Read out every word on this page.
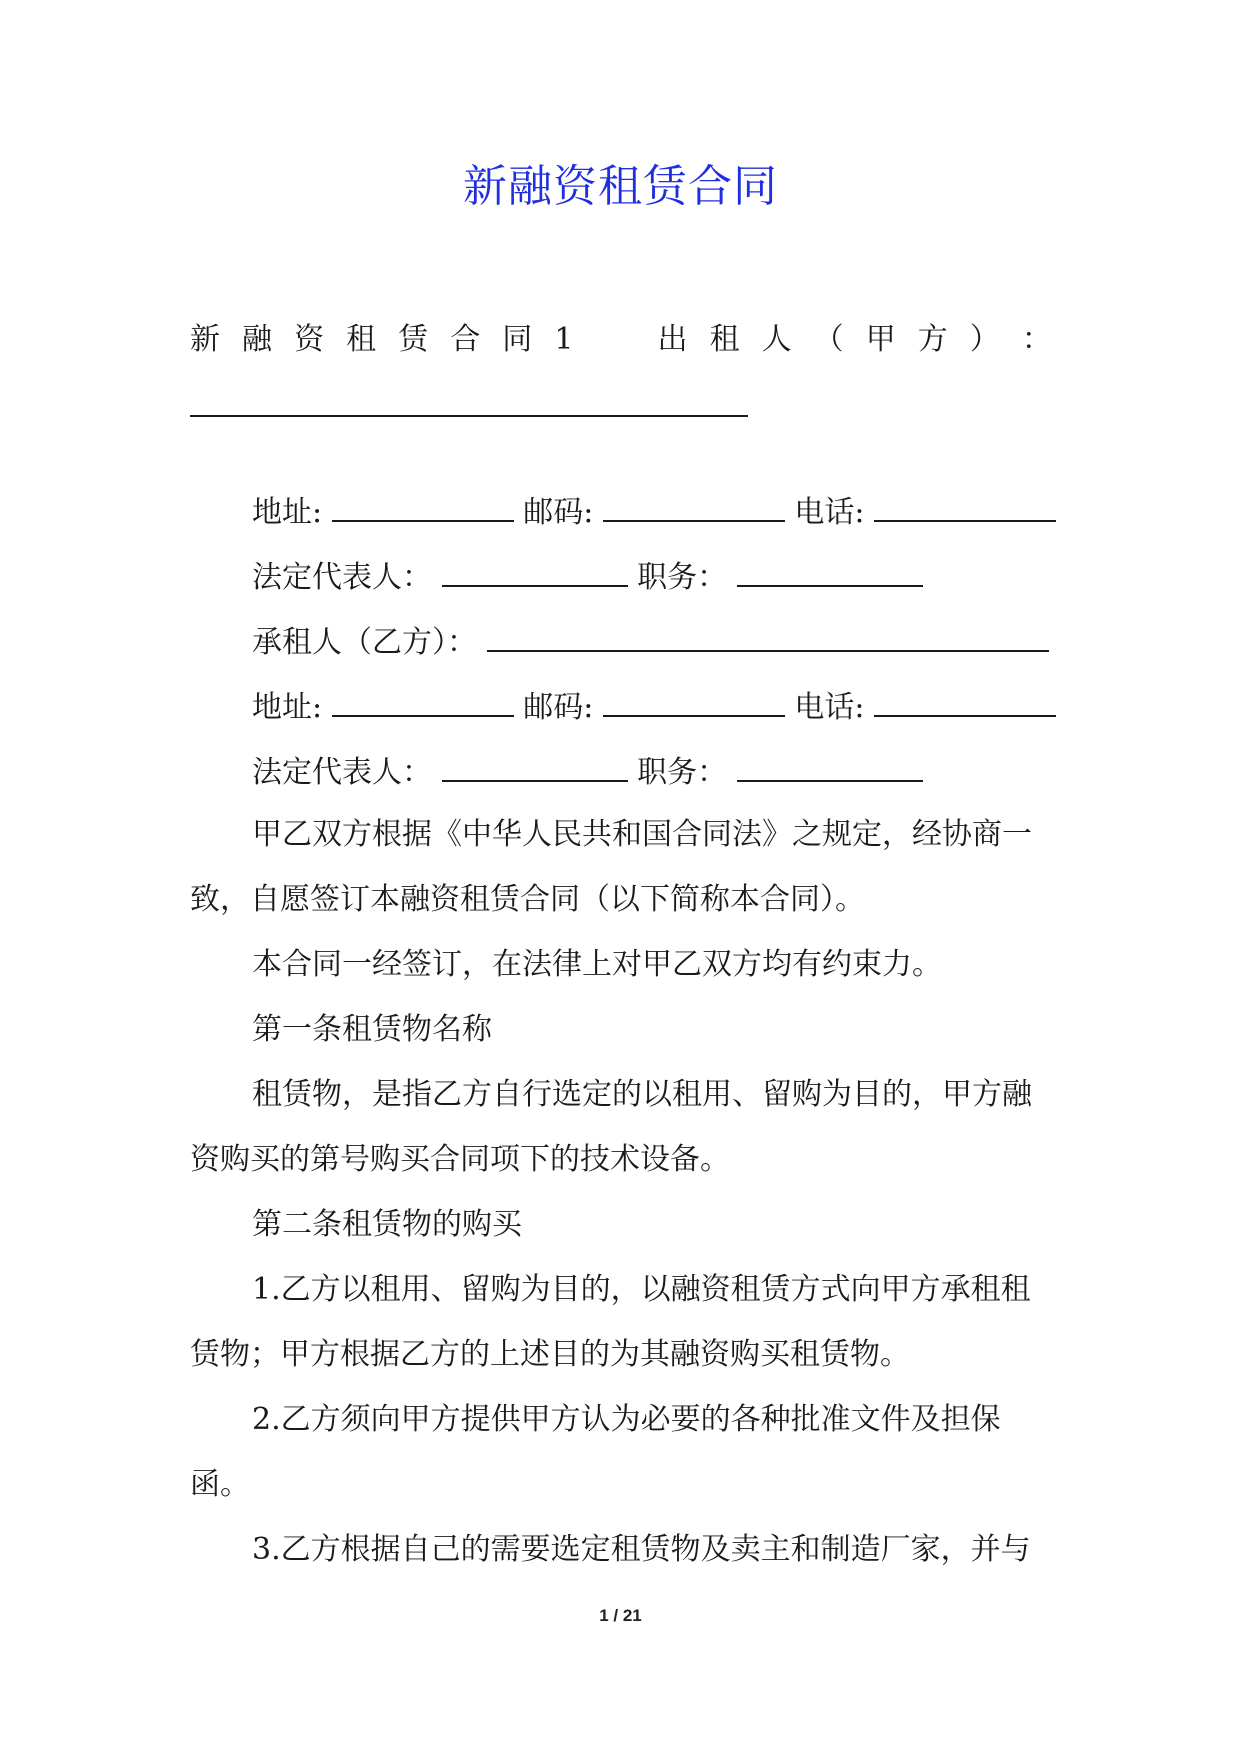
新融资租赁合同
新 融 资 租 赁 合 同 1	出 租 人 （ 甲 方 ） ：
地址:	邮码:	电话:
法定代表人：	职务：
承租人（乙方）：
地址:	邮码:	电话:
法定代表人：	职务：
甲乙双方根据《中华人民共和国合同法》之规定，经协商一
致，自愿签订本融资租赁合同（以下简称本合同）。
本合同一经签订，在法律上对甲乙双方均有约束力。
第一条租赁物名称
租赁物，是指乙方自行选定的以租用、留购为目的，甲方融
资购买的第号购买合同项下的技术设备。
第二条租赁物的购买
1.乙方以租用、留购为目的，以融资租赁方式向甲方承租租
赁物；甲方根据乙方的上述目的为其融资购买租赁物。
2.乙方须向甲方提供甲方认为必要的各种批准文件及担保
函。
3.乙方根据自己的需要选定租赁物及卖主和制造厂家，并与
1 / 21
